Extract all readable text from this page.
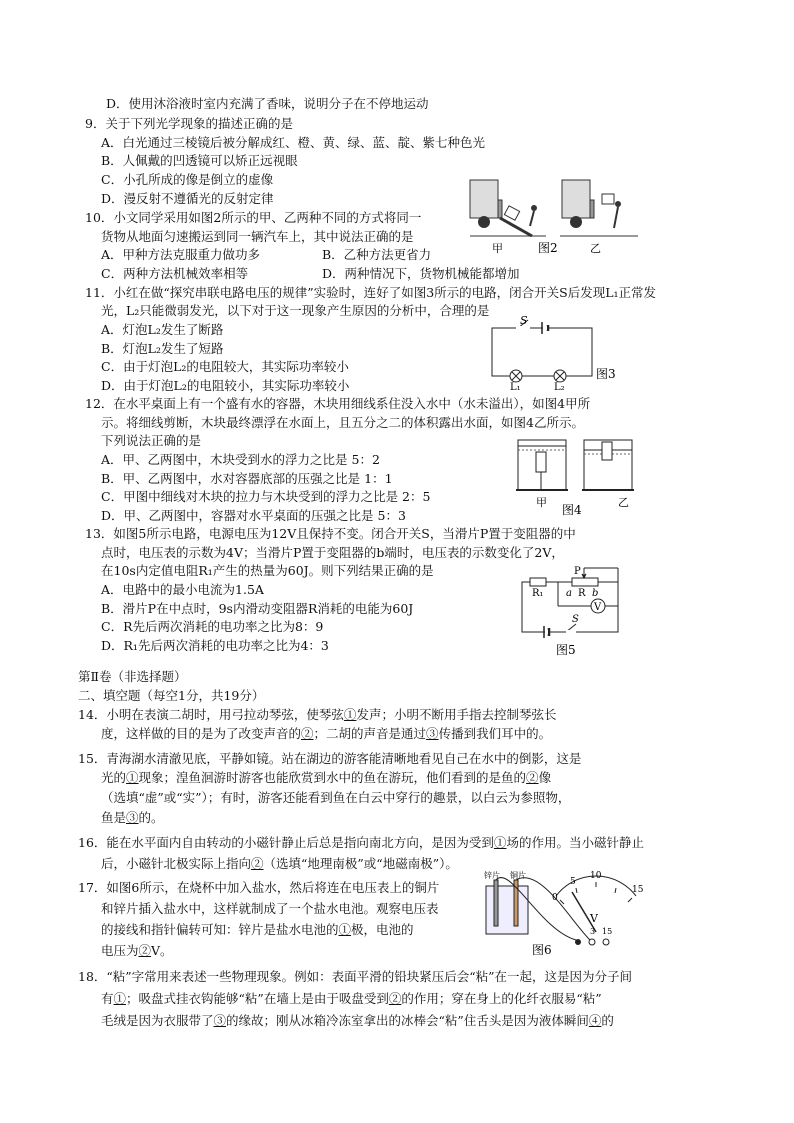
D．使用沐浴液时室内充满了香味，说明分子在不停地运动
9．关于下列光学现象的描述正确的是
A．白光通过三棱镜后被分解成红、橙、黄、绿、蓝、靛、紫七种色光
B．人佩戴的凹透镜可以矫正远视眼
C．小孔所成的像是倒立的虚像
D．漫反射不遵循光的反射定律
甲	图2	乙
10．小文同学采用如图2所示的甲、乙两种不同的方式将同一
货物从地面匀速搬运到同一辆汽车上，其中说法正确的是
A．甲种方法克服重力做功多	B．乙种方法更省力
C．两种方法机械效率相等	D．两种情况下，货物机械能都增加
11．小红在做“探究串联电路电压的规律”实验时，连好了如图3所示的电路，闭合开关S后发现L₁正常发
光，L₂只能微弱发光，以下对于这一现象产生原因的分析中，合理的是
A．灯泡L₂发生了断路
B．灯泡L₂发生了短路
C．由于灯泡L₂的电阻较大，其实际功率较小
D．由于灯泡L₂的电阻较小，其实际功率较小
S
L₁	L₂
图3
12．在水平桌面上有一个盛有水的容器，木块用细线系住没入水中（水未溢出），如图4甲所
示。将细线剪断，木块最终漂浮在水面上，且五分之二的体积露出水面，如图4乙所示。
下列说法正确的是
A．甲、乙两图中，木块受到水的浮力之比是 5：2
B．甲、乙两图中，水对容器底部的压强之比是 1：1
C．甲图中细线对木块的拉力与木块受到的浮力之比是 2：5
D．甲、乙两图中，容器对水平桌面的压强之比是 5：3
甲
图4
乙
13．如图5所示电路，电源电压为12V且保持不变。闭合开关S，当滑片P置于变阻器的中
点时，电压表的示数为4V；当滑片P置于变阻器的b端时，电压表的示数变化了2V，
在10s内定值电阻R₁产生的热量为60J。则下列结果正确的是
A．电路中的最小电流为1.5A
B．滑片P在中点时，9s内滑动变阻器R消耗的电能为60J
C．R先后两次消耗的电功率之比为8：9
D．R₁先后两次消耗的电功率之比为4：3
P
R₁ a R b
V
S
图5
第Ⅱ卷（非选择题）
二、填空题（每空1分，共19分）
14．小明在表演二胡时，用弓拉动琴弦，使琴弦①发声；小明不断用手指去控制琴弦长
度，这样做的目的是为了改变声音的②；二胡的声音是通过③传播到我们耳中的。
15．青海湖水清澈见底，平静如镜。站在湖边的游客能清晰地看见自己在水中的倒影，这是
光的①现象；湟鱼洄游时游客也能欣赏到水中的鱼在游玩，他们看到的是鱼的②像
（选填“虚”或“实”）；有时，游客还能看到鱼在白云中穿行的趣景，以白云为参照物，
鱼是③的。
16．能在水平面内自由转动的小磁针静止后总是指向南北方向，是因为受到①场的作用。当小磁针静止
后，小磁针北极实际上指向②（选填“地理南极”或“地磁南极”）。
17．如图6所示，在烧杯中加入盐水，然后将连在电压表上的铜片
和锌片插入盐水中，这样就制成了一个盐水电池。观察电压表
的接线和指针偏转可知：锌片是盐水电池的①极，电池的
电压为②V。
锌片 铜片
0
5
10
15
V
3 15
图6
18．“粘”字常用来表述一些物理现象。例如：表面平滑的铅块紧压后会“粘”在一起，这是因为分子间
有①；吸盘式挂衣钩能够“粘”在墙上是由于吸盘受到②的作用；穿在身上的化纤衣服易“粘”
毛绒是因为衣服带了③的缘故；刚从冰箱冷冻室拿出的冰棒会“粘”住舌头是因为液体瞬间④的
